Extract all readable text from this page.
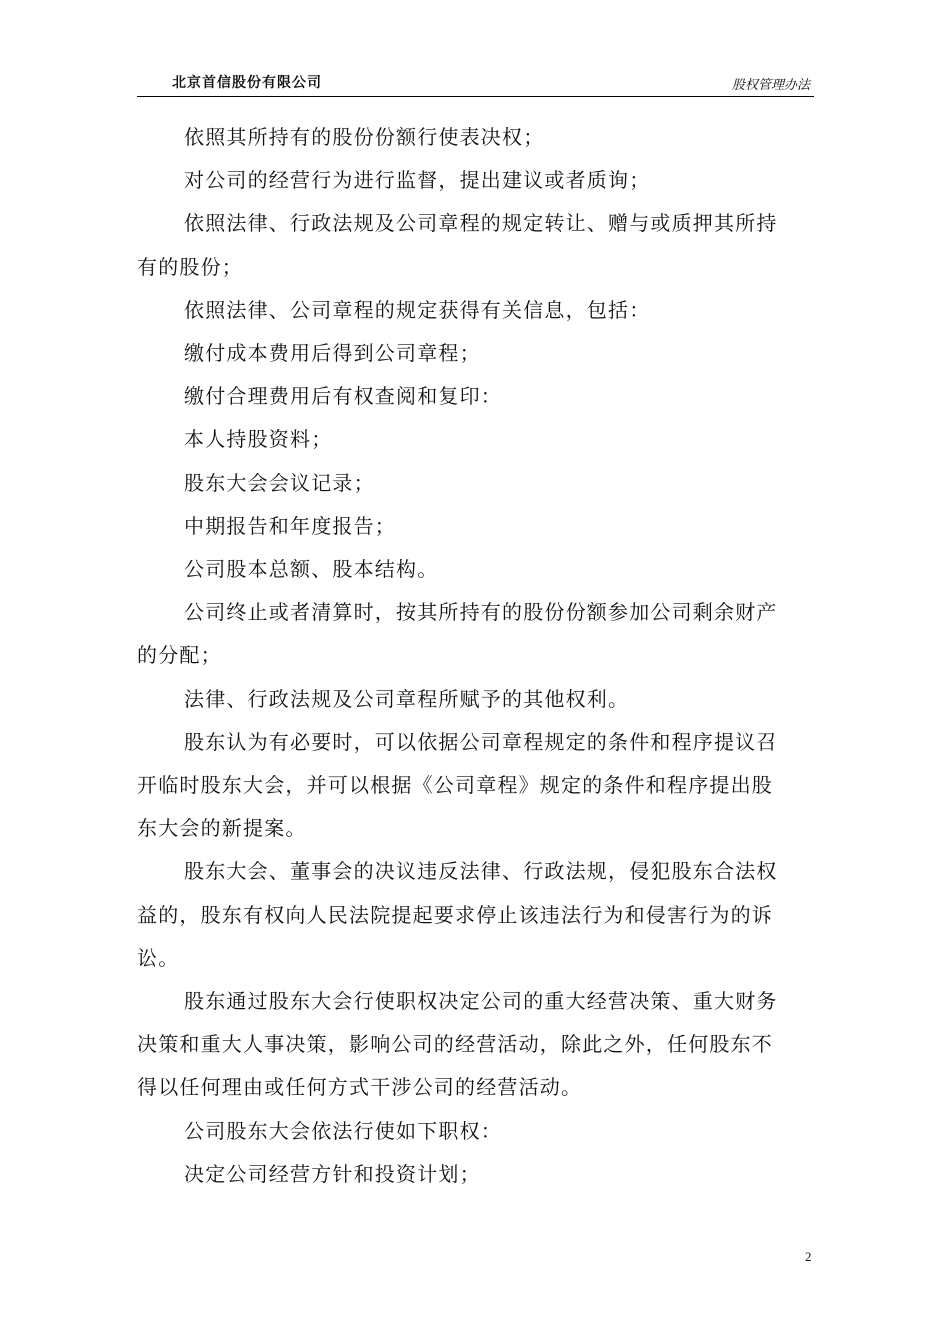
北京首信股份有限公司	股权管理办法

依照其所持有的股份份额行使表决权；

对公司的经营行为进行监督，提出建议或者质询；

依照法律、行政法规及公司章程的规定转让、赠与或质押其所持
有的股份；

依照法律、公司章程的规定获得有关信息，包括：

缴付成本费用后得到公司章程；

缴付合理费用后有权查阅和复印：

本人持股资料；

股东大会会议记录；

中期报告和年度报告；

公司股本总额、股本结构。

公司终止或者清算时，按其所持有的股份份额参加公司剩余财产
的分配；

法律、行政法规及公司章程所赋予的其他权利。

股东认为有必要时，可以依据公司章程规定的条件和程序提议召
开临时股东大会，并可以根据《公司章程》规定的条件和程序提出股
东大会的新提案。

股东大会、董事会的决议违反法律、行政法规，侵犯股东合法权
益的，股东有权向人民法院提起要求停止该违法行为和侵害行为的诉
讼。

股东通过股东大会行使职权决定公司的重大经营决策、重大财务
决策和重大人事决策，影响公司的经营活动，除此之外，任何股东不
得以任何理由或任何方式干涉公司的经营活动。

公司股东大会依法行使如下职权：

决定公司经营方针和投资计划；

2
